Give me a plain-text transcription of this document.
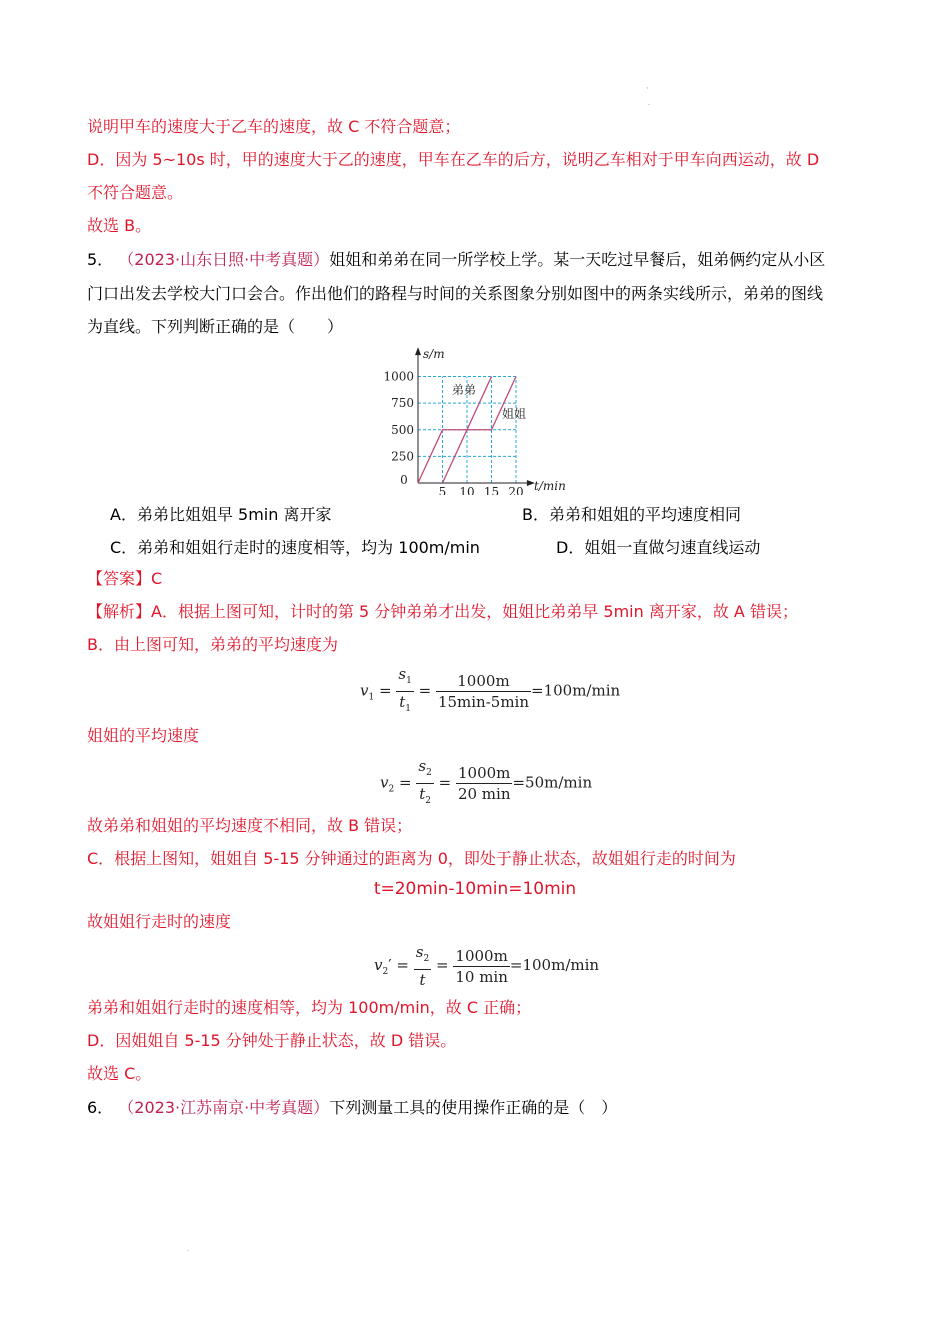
ˎ
.
说明甲车的速度大于乙车的速度，故 C 不符合题意；
D．因为 5~10s 时，甲的速度大于乙的速度，甲车在乙车的后方，说明乙车相对于甲车向西运动，故 D
不符合题意。
故选 B。
5． （2023·山东日照·中考真题）姐姐和弟弟在同一所学校上学。某一天吃过早餐后，姐弟俩约定从小区
门口出发去学校大门口会合。作出他们的路程与时间的关系图象分别如图中的两条实线所示，弟弟的图线
为直线。下列判断正确的是（　　）
0
5 10 15 20
250
500
750
1000
弟弟
姐姐
s/m
t/min
A．弟弟比姐姐早 5min 离开家	B．弟弟和姐姐的平均速度相同
C．弟弟和姐姐行走时的速度相等，均为 100m/min	D．姐姐一直做匀速直线运动
【答案】C
【解析】A．根据上图可知，计时的第 5 分钟弟弟才出发，姐姐比弟弟早 5min 离开家，故 A 错误；
B．由上图可知，弟弟的平均速度为
$v_1 = \frac{s_1}{t_1} = \frac{1000m}{15\min-5\min} =100m/\min$
姐姐的平均速度
$v_2 = \frac{s_2}{t_2} = \frac{1000m}{20 \min} =50m/\min$
故弟弟和姐姐的平均速度不相同，故 B 错误；
C．根据上图知，姐姐自 5-15 分钟通过的距离为 0，即处于静止状态，故姐姐行走的时间为
t=20min-10min=10min
故姐姐行走时的速度
$v_2' = \frac{s_2}{t} = \frac{1000m}{10 \min} =100m/\min$
弟弟和姐姐行走时的速度相等，均为 100m/min，故 C 正确；
D．因姐姐自 5-15 分钟处于静止状态，故 D 错误。
故选 C。
6． （2023·江苏南京·中考真题）下列测量工具的使用操作正确的是（　）
.
